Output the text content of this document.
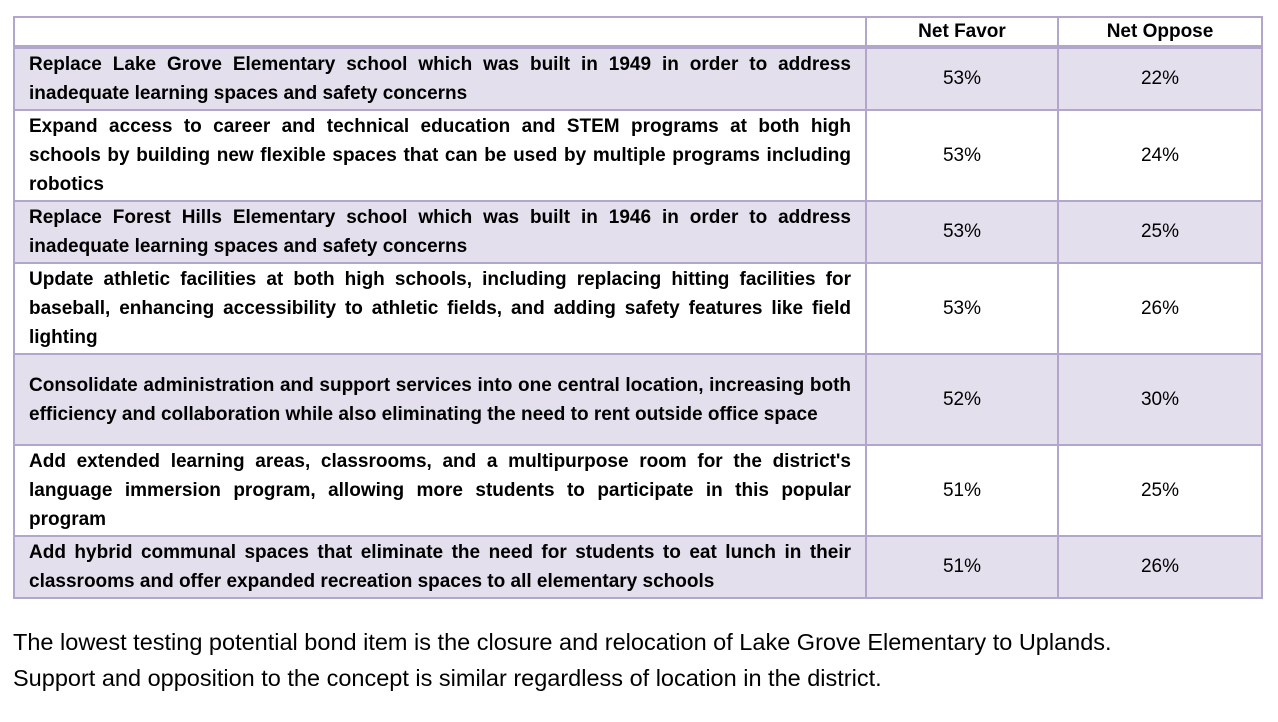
	Net Favor	Net Oppose
Replace Lake Grove Elementary school which was built in 1949 in order to address inadequate learning spaces and safety concerns	53%	22%
Expand access to career and technical education and STEM programs at both high schools by building new flexible spaces that can be used by multiple programs including robotics	53%	24%
Replace Forest Hills Elementary school which was built in 1946 in order to address inadequate learning spaces and safety concerns	53%	25%
Update athletic facilities at both high schools, including replacing hitting facilities for baseball, enhancing accessibility to athletic fields, and adding safety features like field lighting	53%	26%
Consolidate administration and support services into one central location, increasing both efficiency and collaboration while also eliminating the need to rent outside office space	52%	30%
Add extended learning areas, classrooms, and a multipurpose room for the district's language immersion program, allowing more students to participate in this popular program	51%	25%
Add hybrid communal spaces that eliminate the need for students to eat lunch in their classrooms and offer expanded recreation spaces to all elementary schools	51%	26%
The lowest testing potential bond item is the closure and relocation of Lake Grove Elementary to Uplands.
Support and opposition to the concept is similar regardless of location in the district.
